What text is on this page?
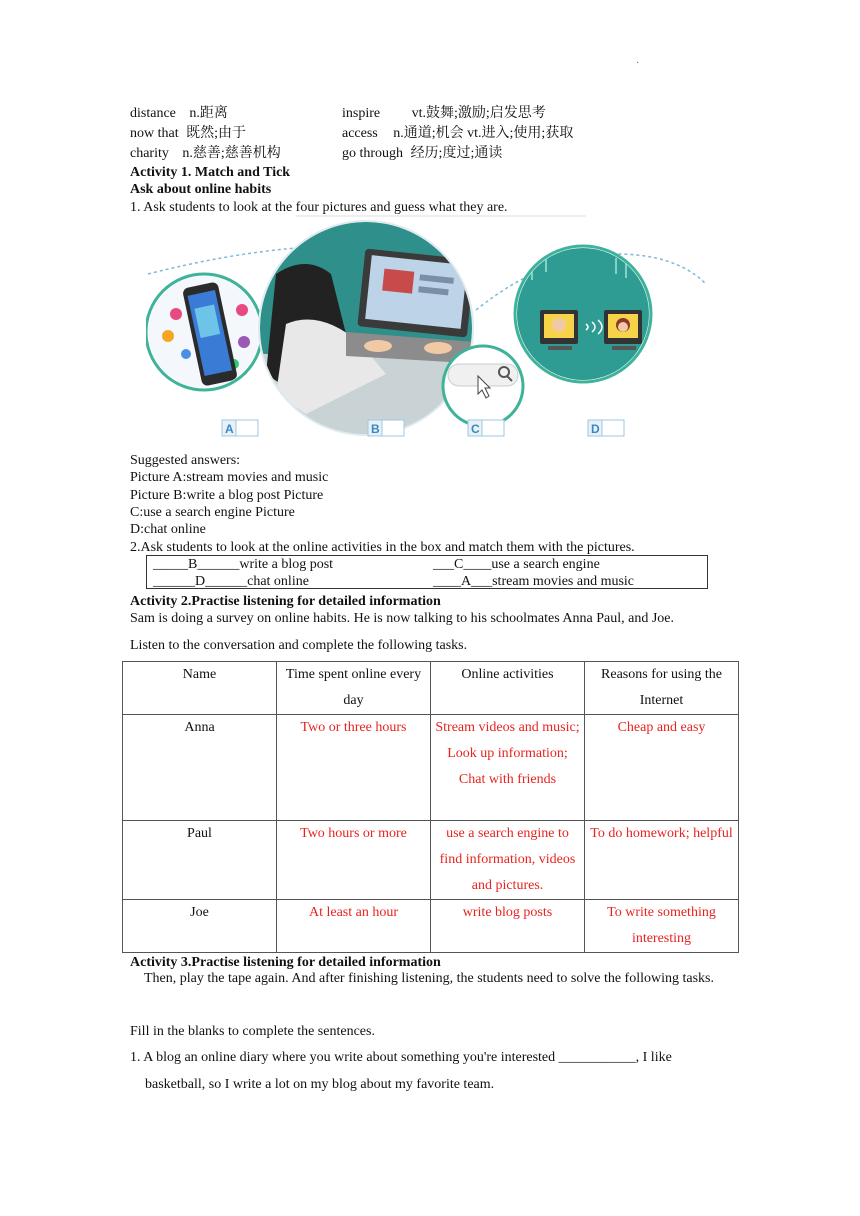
·
distance n.距离
now that 既然;由于
charity n.慈善;慈善机构
inspire vt.鼓舞;激励;启发思考
access n.通道;机会 vt.进入;使用;获取
go through 经历;度过;通读
Activity 1. Match and Tick
Ask about online habits
1. Ask students to look at the four pictures and guess what they are.
A	B	C	D
Suggested answers:
Picture A:stream movies and music
Picture B:write a blog post Picture
C:use a search engine Picture
D:chat online
2.Ask students to look at the online activities in the box and match them with the pictures.
_____B______write a blog post	___C____use a search engine
______D______chat online	____A___stream movies and music
Activity 2.Practise listening for detailed information
Sam is doing a survey on online habits. He is now talking to his schoolmates Anna Paul, and Joe.
Listen to the conversation and complete the following tasks.
Name	Time spent online every day	Online activities	Reasons for using the Internet
Anna	Two or three hours	Stream videos and music;
Look up information;
Chat with friends	Cheap and easy
Paul	Two hours or more	use a search engine to find information, videos and pictures.	To do homework; helpful
Joe	At least an hour	write blog posts	To write something interesting
Activity 3.Practise listening for detailed information
Then, play the tape again. And after finishing listening, the students need to solve the following tasks.
Fill in the blanks to complete the sentences.
1. A blog an online diary where you write about something you're interested ___________, I like
basketball, so I write a lot on my blog about my favorite team.
